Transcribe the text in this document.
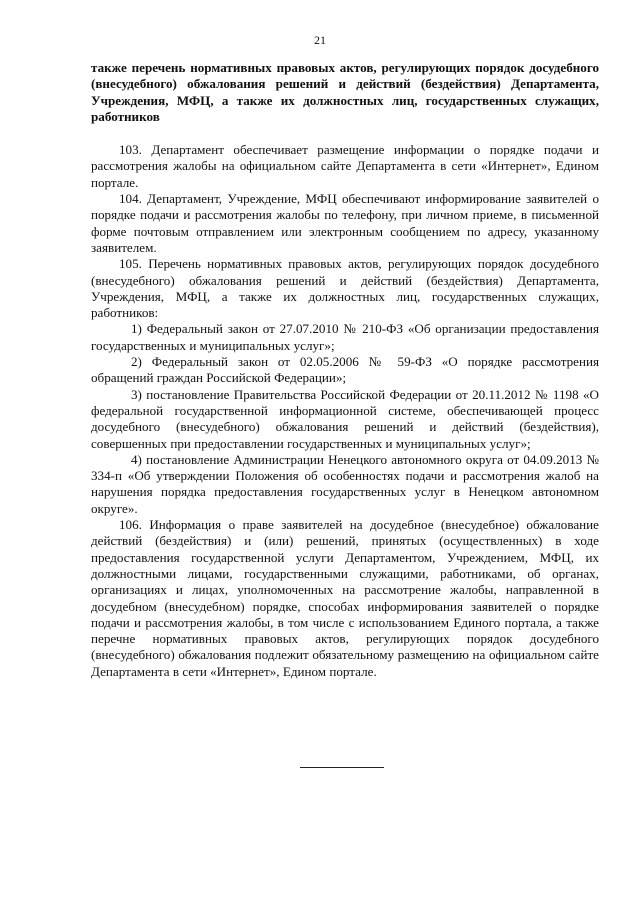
21

также перечень нормативных правовых актов, регулирующих порядок досудебного (внесудебного) обжалования решений и действий (бездействия) Департамента, Учреждения, МФЦ, а также их должностных лиц, государственных служащих, работников

103. Департамент обеспечивает размещение информации о порядке подачи и рассмотрения жалобы на официальном сайте Департамента в сети «Интернет», Едином портале.

104. Департамент, Учреждение, МФЦ обеспечивают информирование заявителей о порядке подачи и рассмотрения жалобы по телефону, при личном приеме, в письменной форме почтовым отправлением или электронным сообщением по адресу, указанному заявителем.

105. Перечень нормативных правовых актов, регулирующих порядок досудебного (внесудебного) обжалования решений и действий (бездействия) Департамента, Учреждения, МФЦ, а также их должностных лиц, государственных служащих, работников:

1) Федеральный закон от 27.07.2010 № 210-ФЗ «Об организации предоставления государственных и муниципальных услуг»;

2) Федеральный закон от 02.05.2006 № 59-ФЗ «О порядке рассмотрения обращений граждан Российской Федерации»;

3) постановление Правительства Российской Федерации от 20.11.2012 № 1198 «О федеральной государственной информационной системе, обеспечивающей процесс досудебного (внесудебного) обжалования решений и действий (бездействия), совершенных при предоставлении государственных и муниципальных услуг»;

4) постановление Администрации Ненецкого автономного округа от 04.09.2013 № 334-п «Об утверждении Положения об особенностях подачи и рассмотрения жалоб на нарушения порядка предоставления государственных услуг в Ненецком автономном округе».

106. Информация о праве заявителей на досудебное (внесудебное) обжалование действий (бездействия) и (или) решений, принятых (осуществленных) в ходе предоставления государственной услуги Департаментом, Учреждением, МФЦ, их должностными лицами, государственными служащими, работниками, об органах, организациях и лицах, уполномоченных на рассмотрение жалобы, направленной в досудебном (внесудебном) порядке, способах информирования заявителей о порядке подачи и рассмотрения жалобы, в том числе с использованием Единого портала, а также перечне нормативных правовых актов, регулирующих порядок досудебного (внесудебного) обжалования подлежит обязательному размещению на официальном сайте Департамента в сети «Интернет», Едином портале.
